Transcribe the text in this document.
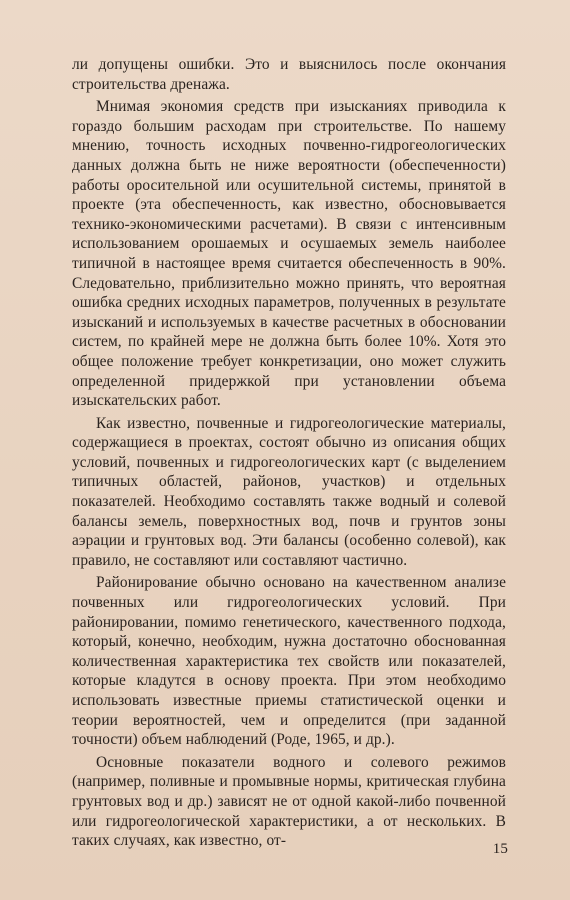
ли допущены ошибки. Это и выяснилось после окончания строительства дренажа.

Мнимая экономия средств при изысканиях приводила к гораздо большим расходам при строительстве. По нашему мнению, точность исходных почвенно-гидрогеологических данных должна быть не ниже вероятности (обеспеченности) работы оросительной или осушительной системы, принятой в проекте (эта обеспеченность, как известно, обосновывается технико-экономическими расчетами). В связи с интенсивным использованием орошаемых и осушаемых земель наиболее типичной в настоящее время считается обеспеченность в 90%. Следовательно, приблизительно можно принять, что вероятная ошибка средних исходных параметров, полученных в результате изысканий и используемых в качестве расчетных в обосновании систем, по крайней мере не должна быть более 10%. Хотя это общее положение требует конкретизации, оно может служить определенной придержкой при установлении объема изыскательских работ.

Как известно, почвенные и гидрогеологические материалы, содержащиеся в проектах, состоят обычно из описания общих условий, почвенных и гидрогеологических карт (с выделением типичных областей, районов, участков) и отдельных показателей. Необходимо составлять также водный и солевой балансы земель, поверхностных вод, почв и грунтов зоны аэрации и грунтовых вод. Эти балансы (особенно солевой), как правило, не составляют или составляют частично.

Районирование обычно основано на качественном анализе почвенных или гидрогеологических условий. При районировании, помимо генетического, качественного подхода, который, конечно, необходим, нужна достаточно обоснованная количественная характеристика тех свойств или показателей, которые кладутся в основу проекта. При этом необходимо использовать известные приемы статистической оценки и теории вероятностей, чем и определится (при заданной точности) объем наблюдений (Роде, 1965, и др.).

Основные показатели водного и солевого режимов (например, поливные и промывные нормы, критическая глубина грунтовых вод и др.) зависят не от одной какой-либо почвенной или гидрогеологической характеристики, а от нескольких. В таких случаях, как известно, от-	15
